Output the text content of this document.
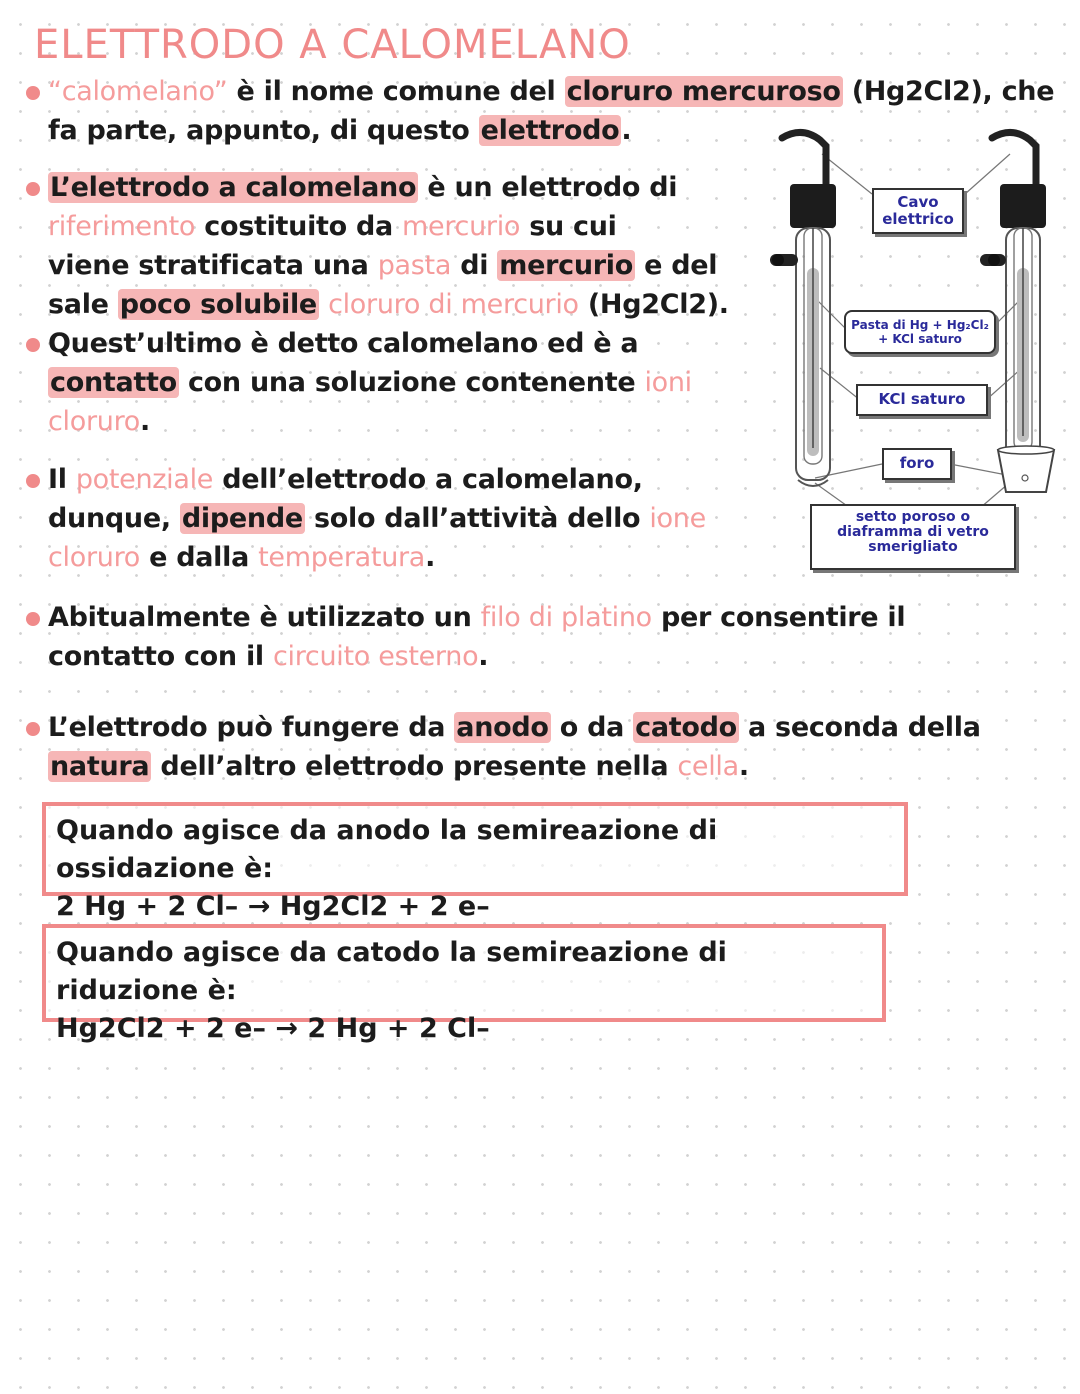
ELETTRODO A CALOMELANO
“calomelano” è il nome comune del cloruro mercuroso (Hg2Cl2), che
fa parte, appunto, di questo elettrodo.
L’elettrodo a calomelano è un elettrodo di
riferimento costituito da mercurio su cui
viene stratificata una pasta di mercurio e del
sale poco solubile cloruro di mercurio (Hg2Cl2).
Quest’ultimo è detto calomelano ed è a
contatto con una soluzione contenente ioni
cloruro.
Il potenziale dell’elettrodo a calomelano,
dunque, dipende solo dall’attività dello ione
cloruro e dalla temperatura.
Abitualmente è utilizzato un filo di platino per consentire il
contatto con il circuito esterno.
L’elettrodo può fungere da anodo o da catodo a seconda della
natura dell’altro elettrodo presente nella cella.
Quando agisce da anodo la semireazione di ossidazione è:
2 Hg + 2 Cl– → Hg2Cl2 + 2 e–
Quando agisce da catodo la semireazione di riduzione è:
Hg2Cl2 + 2 e– → 2 Hg + 2 Cl–
Cavo
elettrico
Pasta di Hg + Hg₂Cl₂
+ KCl saturo
KCl saturo
foro
setto poroso o
diaframma di vetro
smerigliato
